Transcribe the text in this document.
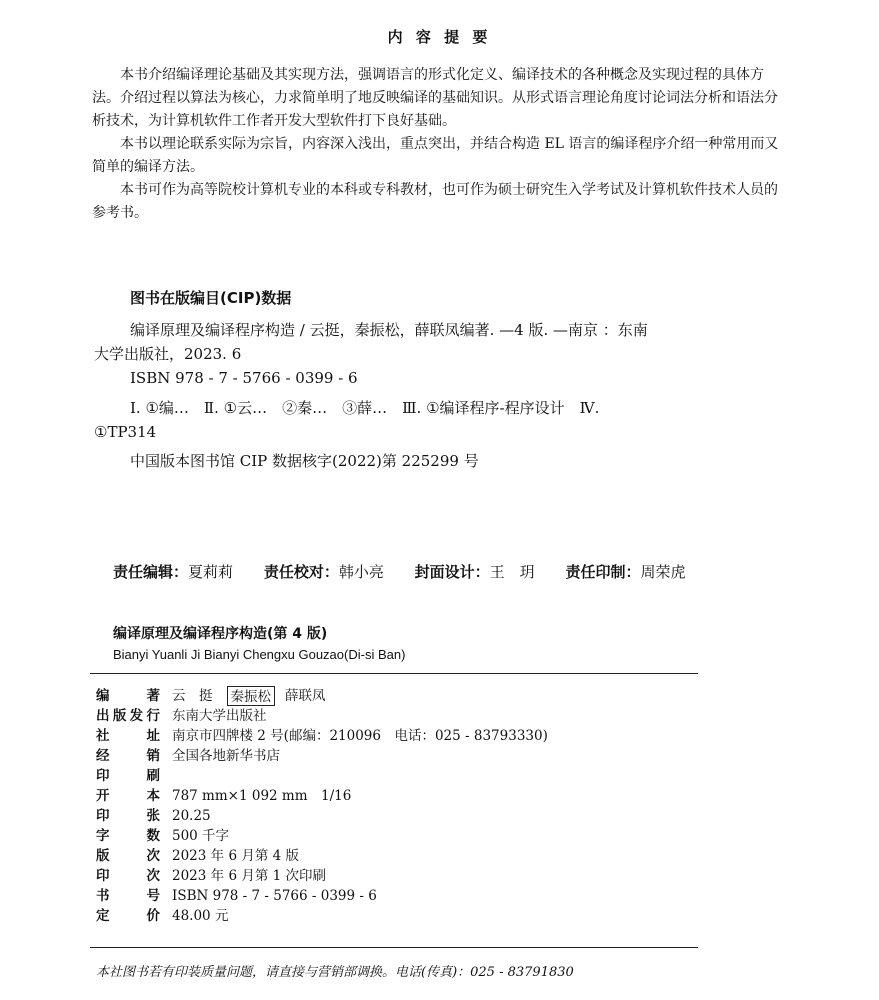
内 容 提 要

本书介绍编译理论基础及其实现方法，强调语言的形式化定义、编译技术的各种概念及实现过程的具体方法。介绍过程以算法为核心，力求简单明了地反映编译的基础知识。从形式语言理论角度讨论词法分析和语法分析技术，为计算机软件工作者开发大型软件打下良好基础。

本书以理论联系实际为宗旨，内容深入浅出，重点突出，并结合构造 EL 语言的编译程序介绍一种常用而又简单的编译方法。

本书可作为高等院校计算机专业的本科或专科教材，也可作为硕士研究生入学考试及计算机软件技术人员的参考书。

图书在版编目(CIP)数据
编译原理及编译程序构造 / 云挺，秦振松，薛联凤编著. —4 版. —南京 ：东南大学出版社，2023. 6
ISBN 978 - 7 - 5766 - 0399 - 6
Ⅰ. ①编…　Ⅱ. ①云…　②秦…　③薛…　Ⅲ. ①编译程序-程序设计　Ⅳ. ①TP314
中国版本图书馆 CIP 数据核字(2022)第 225299 号
责任编辑：夏莉莉 责任校对：韩小亮 封面设计：王　玥 责任印制：周荣虎
编译原理及编译程序构造(第 4 版)
Bianyi Yuanli Ji Bianyi Chengxu Gouzao(Di-si Ban)
编　　著 云　挺 秦振松 薛联凤
出版发行 东南大学出版社
社　　址 南京市四牌楼 2 号(邮编：210096　电话：025 - 83793330)
经　　销 全国各地新华书店
印　　刷
开　　本 787 mm×1 092 mm　1/16
印　　张 20.25
字　　数 500 千字
版　　次 2023 年 6 月第 4 版
印　　次 2023 年 6 月第 1 次印刷
书　　号 ISBN 978 - 7 - 5766 - 0399 - 6
定　　价 48.00 元
本社图书若有印装质量问题，请直接与营销部调换。电话(传真)：025 - 83791830
